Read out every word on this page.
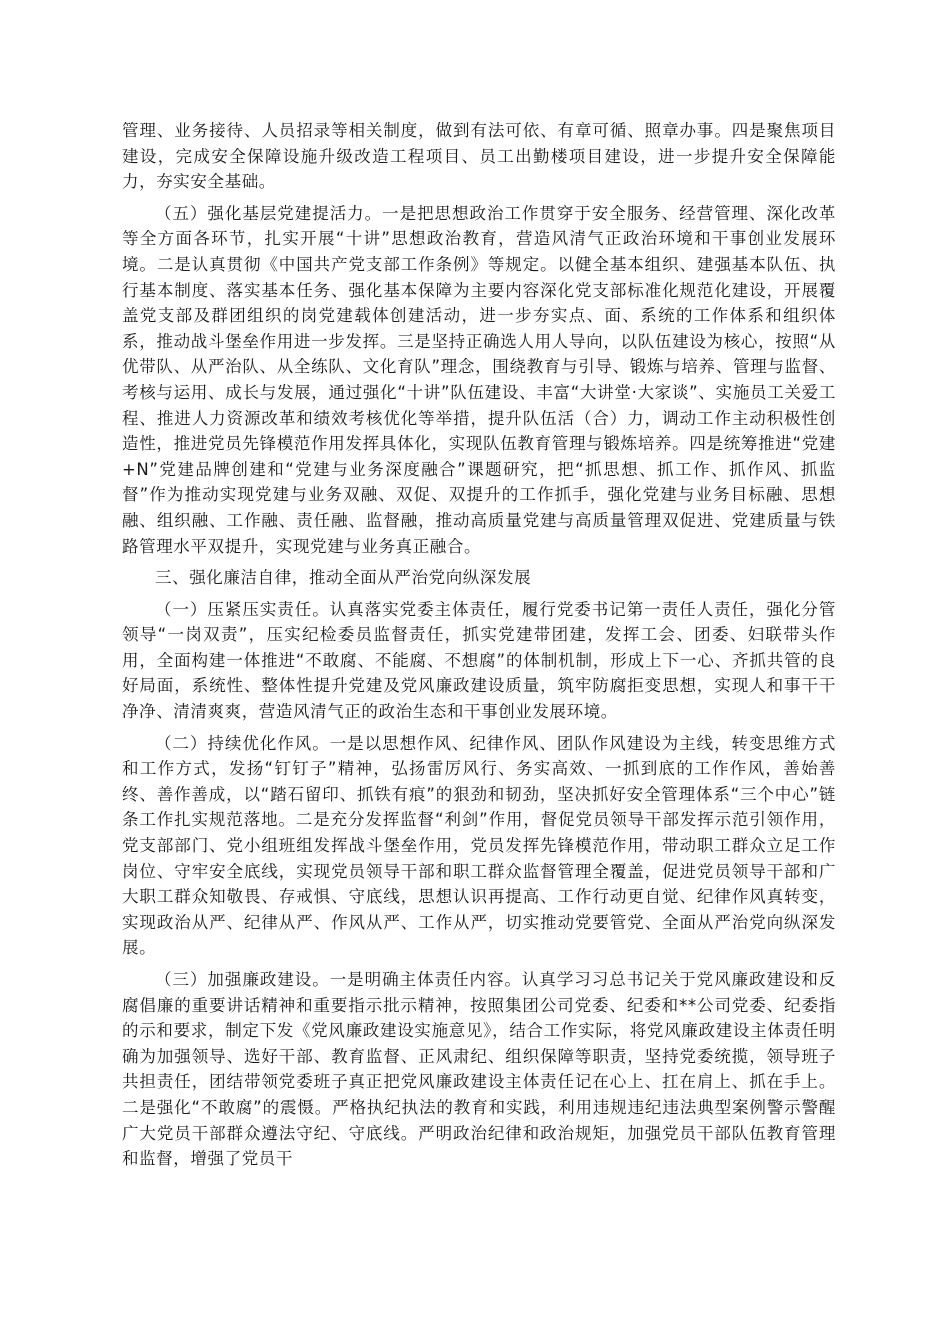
管理、业务接待、人员招录等相关制度，做到有法可依、有章可循、照章办事。四是聚焦项目建设，完成安全保障设施升级改造工程项目、员工出勤楼项目建设，进一步提升安全保障能力，夯实安全基础。

（五）强化基层党建提活力。一是把思想政治工作贯穿于安全服务、经营管理、深化改革等全方面各环节，扎实开展“十讲”思想政治教育，营造风清气正政治环境和干事创业发展环境。二是认真贯彻《中国共产党支部工作条例》等规定。以健全基本组织、建强基本队伍、执行基本制度、落实基本任务、强化基本保障为主要内容深化党支部标准化规范化建设，开展覆盖党支部及群团组织的岗党建载体创建活动，进一步夯实点、面、系统的工作体系和组织体系，推动战斗堡垒作用进一步发挥。三是坚持正确选人用人导向，以队伍建设为核心，按照“从优带队、从严治队、从全练队、文化育队”理念，围绕教育与引导、锻炼与培养、管理与监督、考核与运用、成长与发展，通过强化“十讲”队伍建设、丰富“大讲堂·大家谈”、实施员工关爱工程、推进人力资源改革和绩效考核优化等举措，提升队伍活（合）力，调动工作主动积极性创造性，推进党员先锋模范作用发挥具体化，实现队伍教育管理与锻炼培养。四是统筹推进“党建+N”党建品牌创建和“党建与业务深度融合”课题研究，把“抓思想、抓工作、抓作风、抓监督”作为推动实现党建与业务双融、双促、双提升的工作抓手，强化党建与业务目标融、思想融、组织融、工作融、责任融、监督融，推动高质量党建与高质量管理双促进、党建质量与铁路管理水平双提升，实现党建与业务真正融合。

三、强化廉洁自律，推动全面从严治党向纵深发展

（一）压紧压实责任。认真落实党委主体责任，履行党委书记第一责任人责任，强化分管领导“一岗双责”，压实纪检委员监督责任，抓实党建带团建，发挥工会、团委、妇联带头作用，全面构建一体推进“不敢腐、不能腐、不想腐”的体制机制，形成上下一心、齐抓共管的良好局面，系统性、整体性提升党建及党风廉政建设质量，筑牢防腐拒变思想，实现人和事干干净净、清清爽爽，营造风清气正的政治生态和干事创业发展环境。

（二）持续优化作风。一是以思想作风、纪律作风、团队作风建设为主线，转变思维方式和工作方式，发扬“钉钉子”精神，弘扬雷厉风行、务实高效、一抓到底的工作作风，善始善终、善作善成，以“踏石留印、抓铁有痕”的狠劲和韧劲，坚决抓好安全管理体系“三个中心”链条工作扎实规范落地。二是充分发挥监督“利剑”作用，督促党员领导干部发挥示范引领作用，党支部部门、党小组班组发挥战斗堡垒作用，党员发挥先锋模范作用，带动职工群众立足工作岗位、守牢安全底线，实现党员领导干部和职工群众监督管理全覆盖，促进党员领导干部和广大职工群众知敬畏、存戒惧、守底线，思想认识再提高、工作行动更自觉、纪律作风真转变，实现政治从严、纪律从严、作风从严、工作从严，切实推动党要管党、全面从严治党向纵深发展。

（三）加强廉政建设。一是明确主体责任内容。认真学习习总书记关于党风廉政建设和反腐倡廉的重要讲话精神和重要指示批示精神，按照集团公司党委、纪委和**公司党委、纪委指的示和要求，制定下发《党风廉政建设实施意见》，结合工作实际，将党风廉政建设主体责任明确为加强领导、选好干部、教育监督、正风肃纪、组织保障等职责，坚持党委统揽，领导班子共担责任，团结带领党委班子真正把党风廉政建设主体责任记在心上、扛在肩上、抓在手上。二是强化“不敢腐”的震慑。严格执纪执法的教育和实践，利用违规违纪违法典型案例警示警醒广大党员干部群众遵法守纪、守底线。严明政治纪律和政治规矩，加强党员干部队伍教育管理和监督，增强了党员干
